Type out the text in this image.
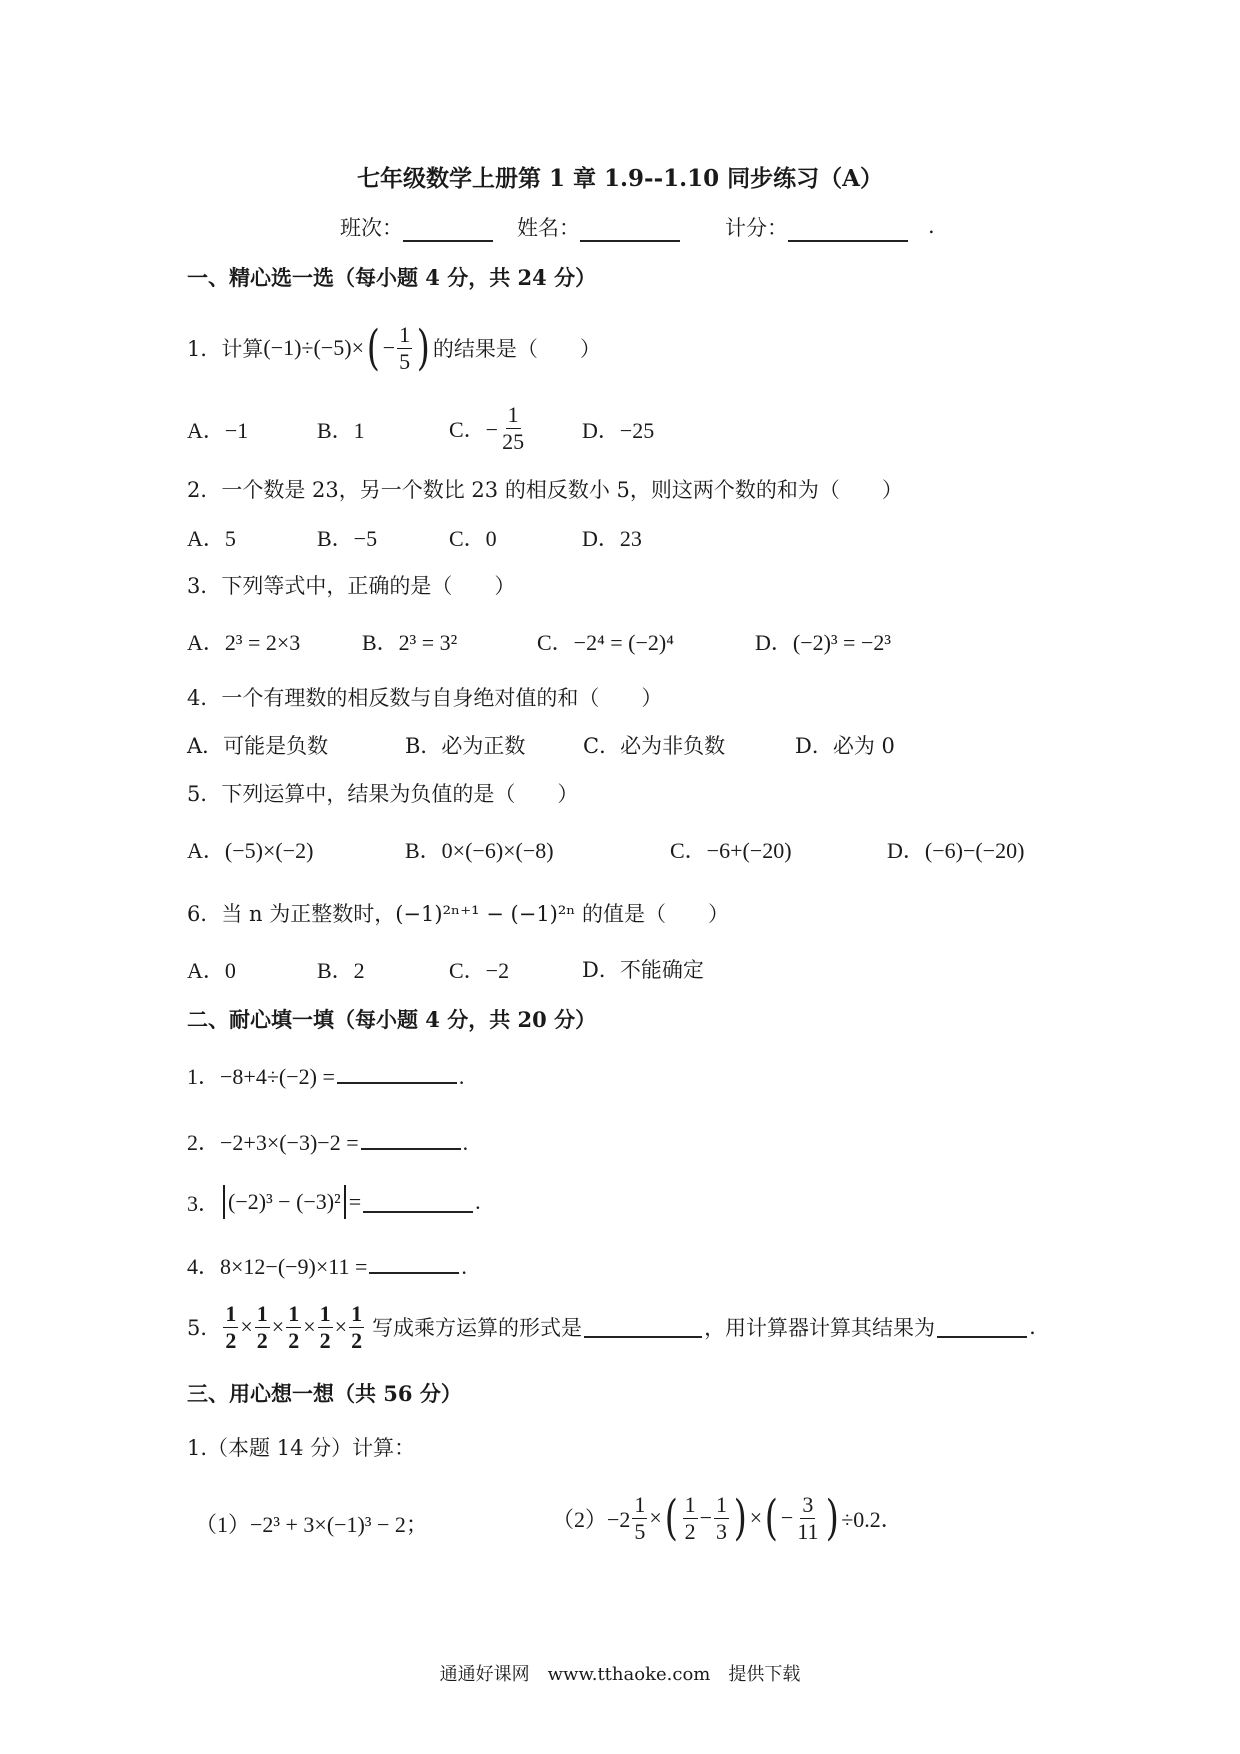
七年级数学上册第 1 章 1.9--1.10 同步练习（A）
班次：	姓名：	计分：	.
一、精心选一选（每小题 4 分，共 24 分）
1． 计算 (−1)÷(−5)× ( − $\frac{1}{5}$ ) 的结果是（　　）
A．−1	B．1	C．− $\frac{1}{25}$	D．−25
2．一个数是 23，另一个数比 23 的相反数小 5，则这两个数的和为（　　）
A．5	B．−5	C．0	D．23
3．下列等式中，正确的是（　　）
A．2³ = 2×3	B．2³ = 3²	C．−2⁴ = (−2)⁴	D．(−2)³ = −2³
4．一个有理数的相反数与自身绝对值的和（　　）
A．可能是负数	B．必为正数	C．必为非负数	D．必为 0
5．下列运算中，结果为负值的是（　　）
A．(−5)×(−2)	B．0×(−6)×(−8)	C．−6+(−20)	D．(−6)−(−20)
6．当 n 为正整数时，(−1)²ⁿ⁺¹ − (−1)²ⁿ 的值是（　　）
A．0	B．2	C．−2	D．不能确定
二、耐心填一填（每小题 4 分，共 20 分）
1．−8+4÷(−2) =	.
2．−2+3×(−3)−2 =	.
3． (−2)³ − (−3)² =	.
4．8×12−(−9)×11 =	.
5． $\frac{1}{2} \times \frac{1}{2} \times \frac{1}{2} \times \frac{1}{2} \times \frac{1}{2}$ 写成乘方运算的形式是	，用计算器计算其结果为	.
三、用心想一想（共 56 分）
1.（本题 14 分）计算：
（1）−2³ + 3×(−1)³ − 2；	$(2)-2 \frac{1}{5}$ × ( $\frac{1}{2} - \frac{1}{3}$ ) × ( − $\frac{3}{11}$ ) ÷0.2．
通通好课网　www.tthaoke.com　提供下载
